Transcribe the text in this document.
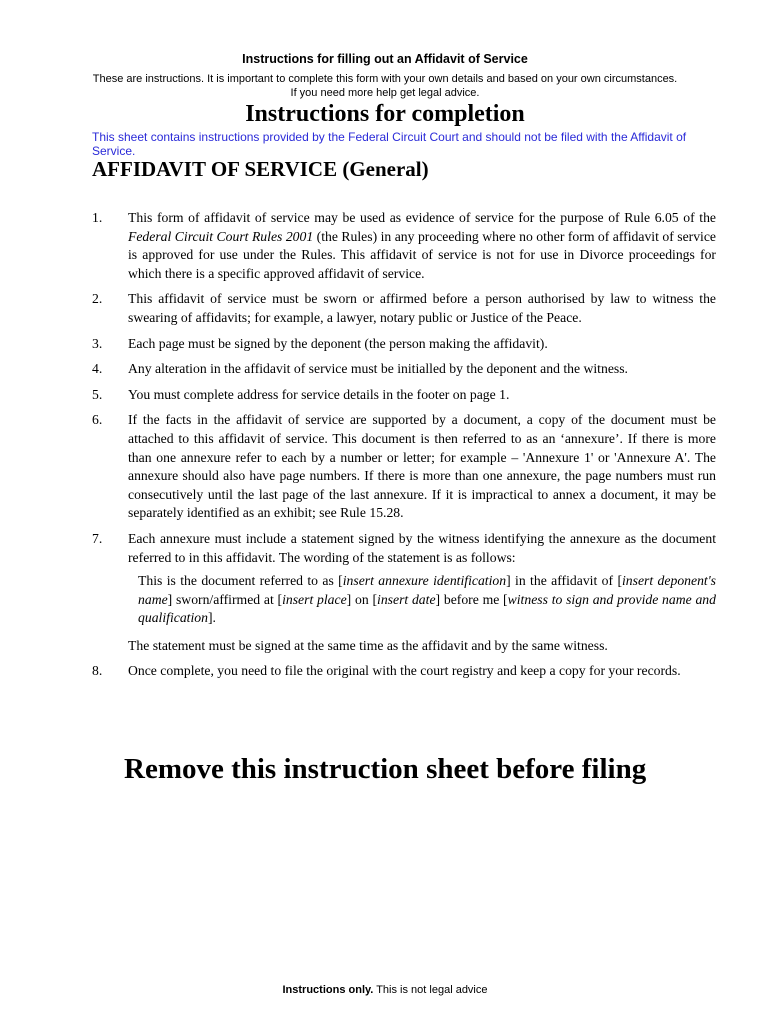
Instructions for filling out an Affidavit of Service
These are instructions. It is important to complete this form with your own details and based on your own circumstances.
If you need more help get legal advice.
Instructions for completion
This sheet contains instructions provided by the Federal Circuit Court and should not be filed with the Affidavit of Service.
AFFIDAVIT OF SERVICE (General)
1.	This form of affidavit of service may be used as evidence of service for the purpose of Rule 6.05 of the Federal Circuit Court Rules 2001 (the Rules) in any proceeding where no other form of affidavit of service is approved for use under the Rules. This affidavit of service is not for use in Divorce proceedings for which there is a specific approved affidavit of service.
2.	This affidavit of service must be sworn or affirmed before a person authorised by law to witness the swearing of affidavits; for example, a lawyer, notary public or Justice of the Peace.
3.	Each page must be signed by the deponent (the person making the affidavit).
4.	Any alteration in the affidavit of service must be initialled by the deponent and the witness.
5.	You must complete address for service details in the footer on page 1.
6.	If the facts in the affidavit of service are supported by a document, a copy of the document must be attached to this affidavit of service. This document is then referred to as an ‘annexure’. If there is more than one annexure refer to each by a number or letter; for example – 'Annexure 1' or 'Annexure A'. The annexure should also have page numbers. If there is more than one annexure, the page numbers must run consecutively until the last page of the last annexure. If it is impractical to annex a document, it may be separately identified as an exhibit; see Rule 15.28.
7.	Each annexure must include a statement signed by the witness identifying the annexure as the document referred to in this affidavit. The wording of the statement is as follows:
This is the document referred to as [insert annexure identification] in the affidavit of [insert deponent's name] sworn/affirmed at [insert place] on [insert date] before me [witness to sign and provide name and qualification].
The statement must be signed at the same time as the affidavit and by the same witness.
8.	Once complete, you need to file the original with the court registry and keep a copy for your records.
Remove this instruction sheet before filing
Instructions only. This is not legal advice
